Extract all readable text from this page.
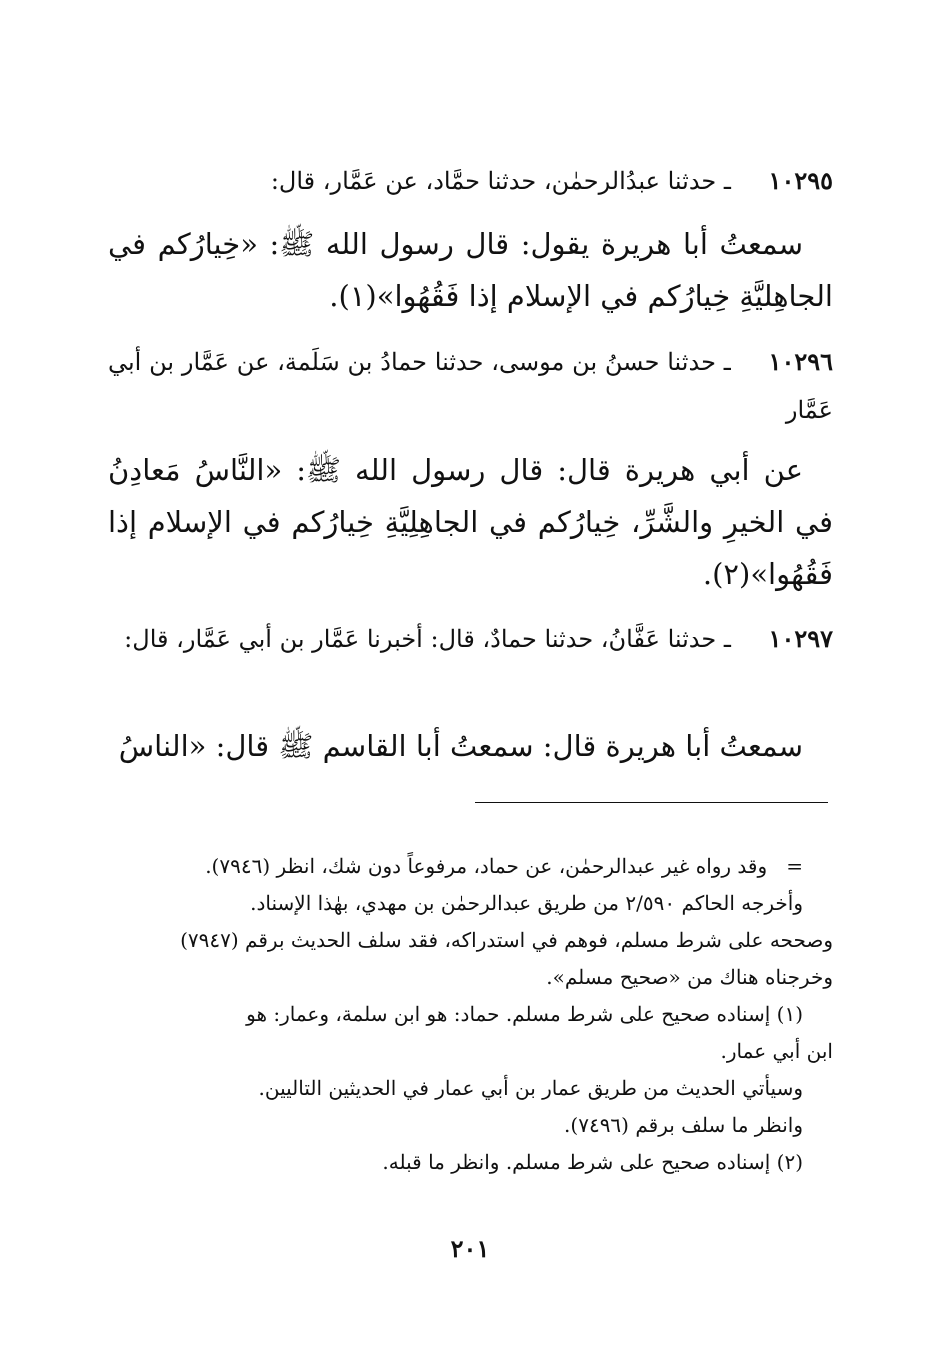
١٠٢٩٥ ـ حدثنا عبدُالرحمٰن، حدثنا حمَّاد، عن عَمَّار، قال:
سمعتُ أبا هريرة يقول: قال رسول الله ﷺ: «خِيارُكم في الجاهِليَّةِ خِيارُكم في الإسلام إذا فَقُهُوا»(١).
١٠٢٩٦ ـ حدثنا حسنُ بن موسى، حدثنا حمادُ بن سَلَمة، عن عَمَّار بن أبي عَمَّار
عن أبي هريرة قال: قال رسول الله ﷺ: «النَّاسُ مَعادِنُ في الخيرِ والشَّرِّ، خِيارُكم في الجاهِلِيَّةِ خِيارُكم في الإسلام إذا فَقُهُوا»(٢).
١٠٢٩٧ ـ حدثنا عَفَّانُ، حدثنا حمادٌ، قال: أخبرنا عَمَّار بن أبي عَمَّار، قال:
سمعتُ أبا هريرة قال: سمعتُ أبا القاسم ﷺ قال: «الناسُ
=   وقد رواه غير عبدالرحمٰن، عن حماد، مرفوعاً دون شك، انظر (٧٩٤٦).
وأخرجه الحاكم ٢/٥٩٠ من طريق عبدالرحمٰن بن مهدي، بهٰذا الإسناد.
وصححه على شرط مسلم، فوهم في استدراكه، فقد سلف الحديث برقم (٧٩٤٧)
وخرجناه هناك من «صحيح مسلم».
(١) إسناده صحيح على شرط مسلم. حماد: هو ابن سلمة، وعمار: هو
ابن أبي عمار.
وسيأتي الحديث من طريق عمار بن أبي عمار في الحديثين التاليين.
وانظر ما سلف برقم (٧٤٩٦).
(٢) إسناده صحيح على شرط مسلم. وانظر ما قبله.
٢٠١
